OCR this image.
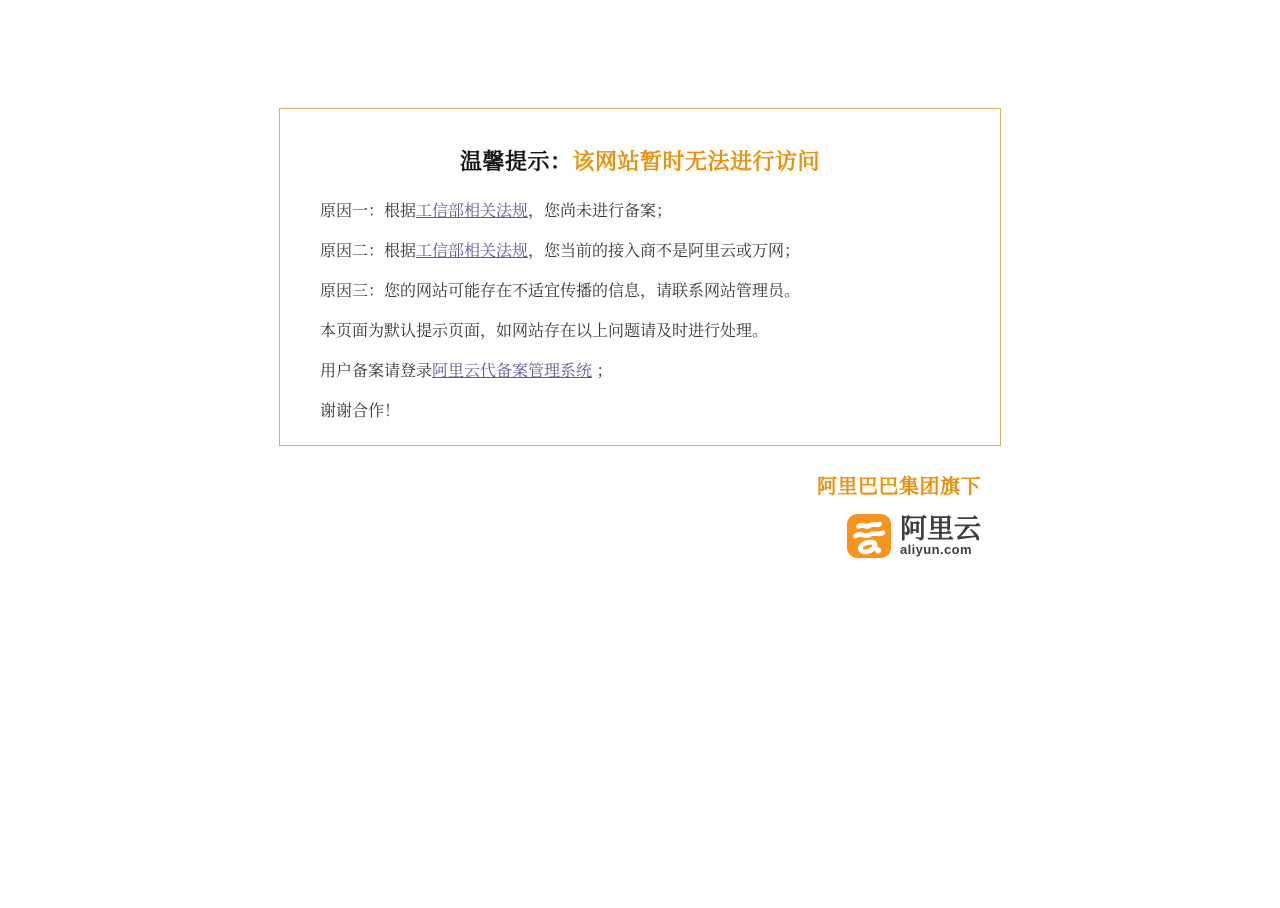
温馨提示：该网站暂时无法进行访问

原因一：根据工信部相关法规，您尚未进行备案；

原因二：根据工信部相关法规，您当前的接入商不是阿里云或万网；

原因三：您的网站可能存在不适宜传播的信息，请联系网站管理员。

本页面为默认提示页面，如网站存在以上问题请及时进行处理。

用户备案请登录阿里云代备案管理系统 ；

谢谢合作！

阿里巴巴集团旗下
阿里云
aliyun.com
